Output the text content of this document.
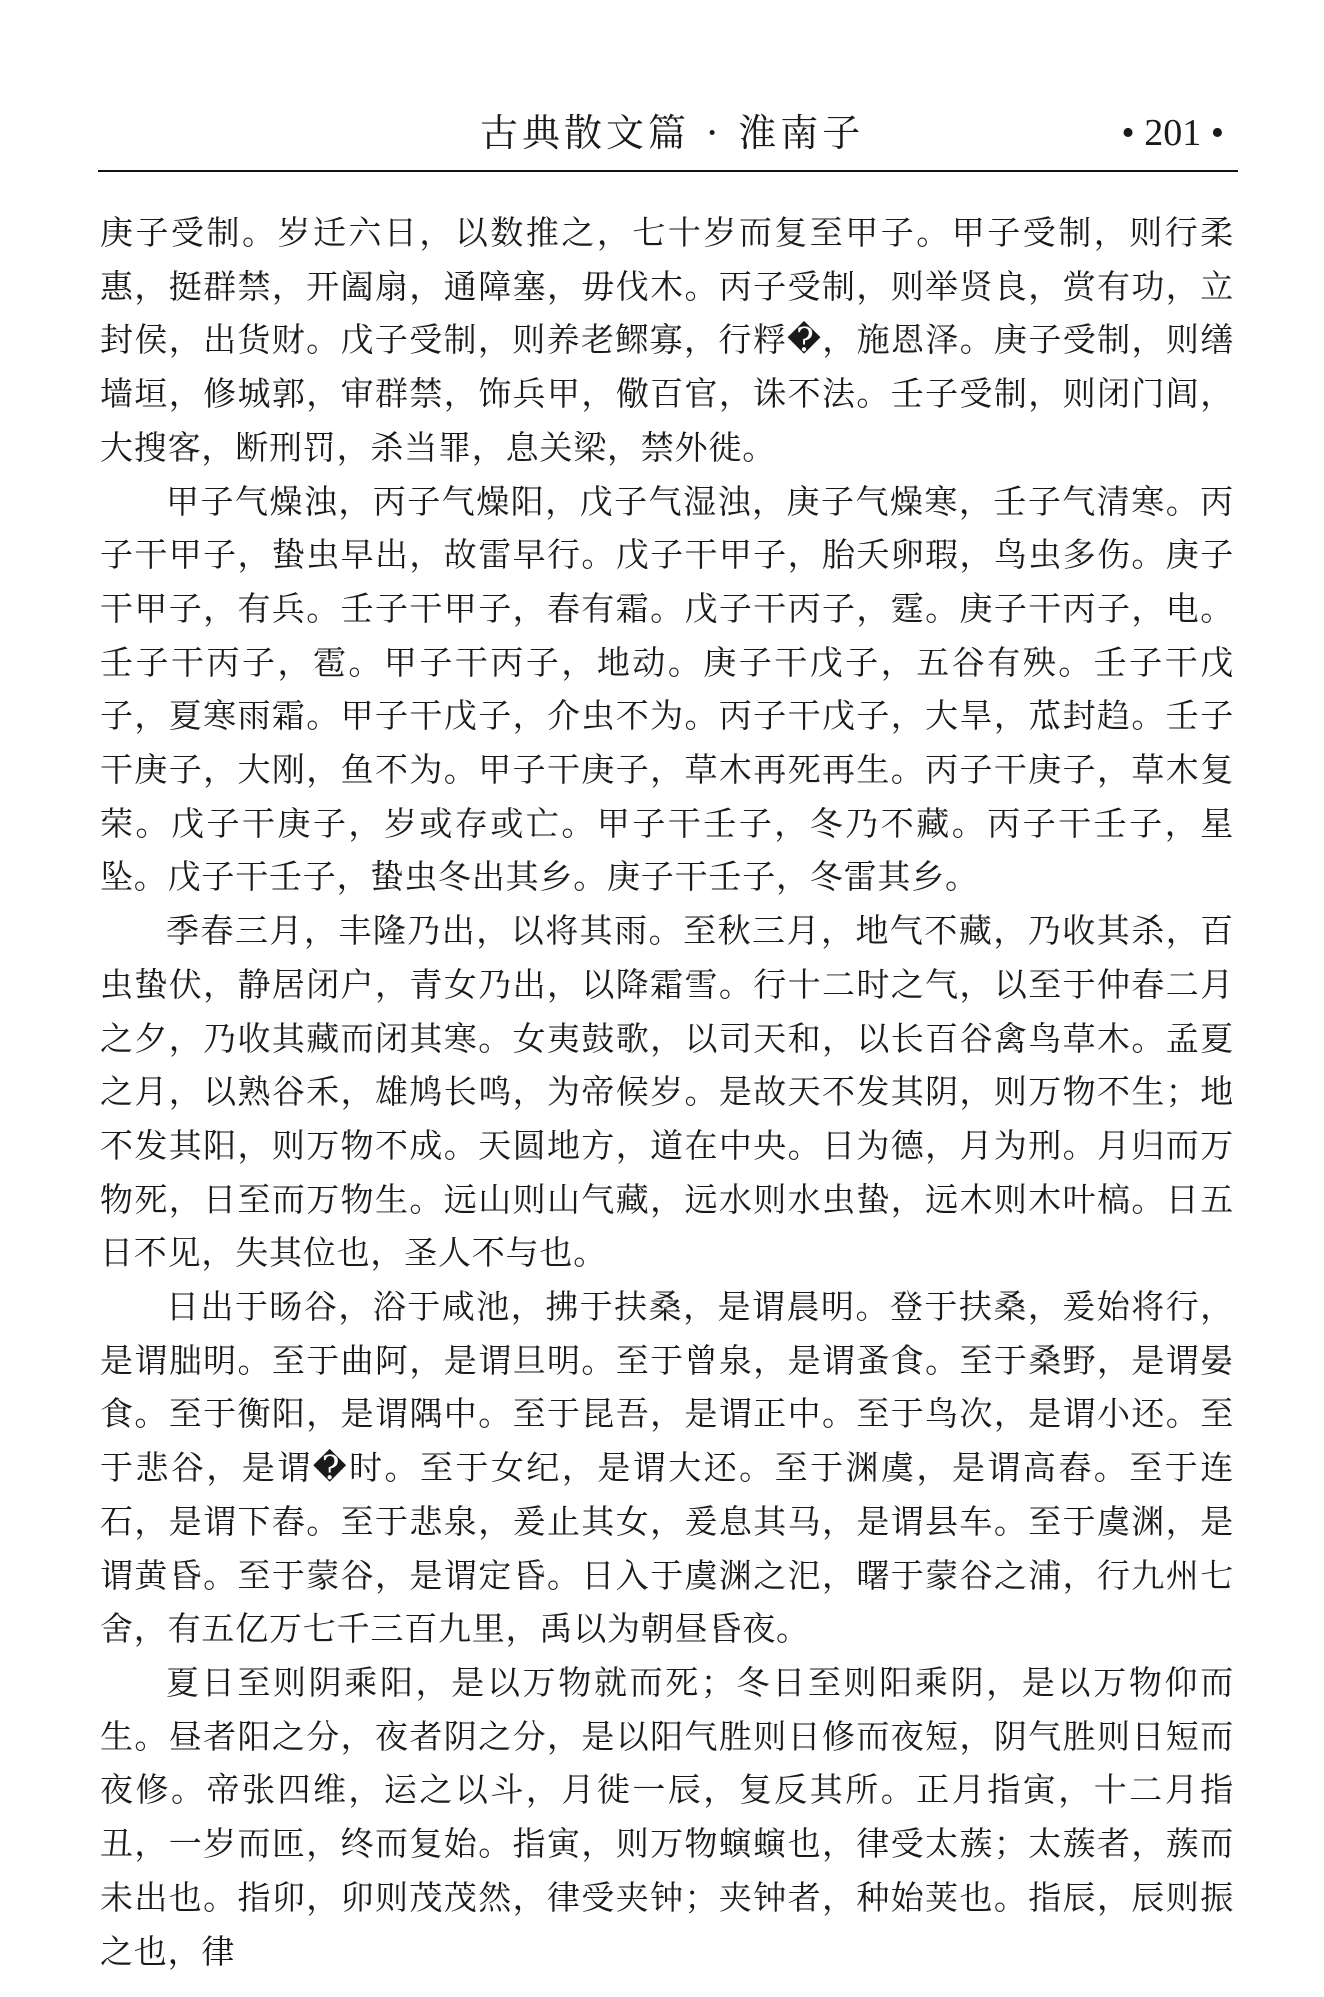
古典散文篇 · 淮南子	• 201 •

庚子受制。岁迁六日，以数推之，七十岁而复至甲子。甲子受制，则行柔惠，挺群禁，开阖扇，通障塞，毋伐木。丙子受制，则举贤良，赏有功，立封侯，出货财。戊子受制，则养老鳏寡，行粰�，施恩泽。庚子受制，则缮墙垣，修城郭，审群禁，饰兵甲，儆百官，诛不法。壬子受制，则闭门闾，大搜客，断刑罚，杀当罪，息关梁，禁外徙。

甲子气燥浊，丙子气燥阳，戊子气湿浊，庚子气燥寒，壬子气清寒。丙子干甲子，蛰虫早出，故雷早行。戊子干甲子，胎夭卵瑕，鸟虫多伤。庚子干甲子，有兵。壬子干甲子，春有霜。戊子干丙子，霆。庚子干丙子，电。壬子干丙子，雹。甲子干丙子，地动。庚子干戊子，五谷有殃。壬子干戊子，夏寒雨霜。甲子干戊子，介虫不为。丙子干戊子，大旱，苽封趋。壬子干庚子，大刚，鱼不为。甲子干庚子，草木再死再生。丙子干庚子，草木复荣。戊子干庚子，岁或存或亡。甲子干壬子，冬乃不藏。丙子干壬子，星坠。戊子干壬子，蛰虫冬出其乡。庚子干壬子，冬雷其乡。

季春三月，丰隆乃出，以将其雨。至秋三月，地气不藏，乃收其杀，百虫蛰伏，静居闭户，青女乃出，以降霜雪。行十二时之气，以至于仲春二月之夕，乃收其藏而闭其寒。女夷鼓歌，以司天和，以长百谷禽鸟草木。孟夏之月，以熟谷禾，雄鸠长鸣，为帝候岁。是故天不发其阴，则万物不生；地不发其阳，则万物不成。天圆地方，道在中央。日为德，月为刑。月归而万物死，日至而万物生。远山则山气藏，远水则水虫蛰，远木则木叶槁。日五日不见，失其位也，圣人不与也。

日出于旸谷，浴于咸池，拂于扶桑，是谓晨明。登于扶桑，爰始将行，是谓朏明。至于曲阿，是谓旦明。至于曾泉，是谓蚤食。至于桑野，是谓晏食。至于衡阳，是谓隅中。至于昆吾，是谓正中。至于鸟次，是谓小还。至于悲谷，是谓�时。至于女纪，是谓大还。至于渊虞，是谓高舂。至于连石，是谓下舂。至于悲泉，爰止其女，爰息其马，是谓县车。至于虞渊，是谓黄昏。至于蒙谷，是谓定昏。日入于虞渊之汜，曙于蒙谷之浦，行九州七舍，有五亿万七千三百九里，禹以为朝昼昏夜。

夏日至则阴乘阳，是以万物就而死；冬日至则阳乘阴，是以万物仰而生。昼者阳之分，夜者阴之分，是以阳气胜则日修而夜短，阴气胜则日短而夜修。帝张四维，运之以斗，月徙一辰，复反其所。正月指寅，十二月指丑，一岁而匝，终而复始。指寅，则万物螾螾也，律受太蔟；太蔟者，蔟而未出也。指卯，卯则茂茂然，律受夹钟；夹钟者，种始荚也。指辰，辰则振之也，律
